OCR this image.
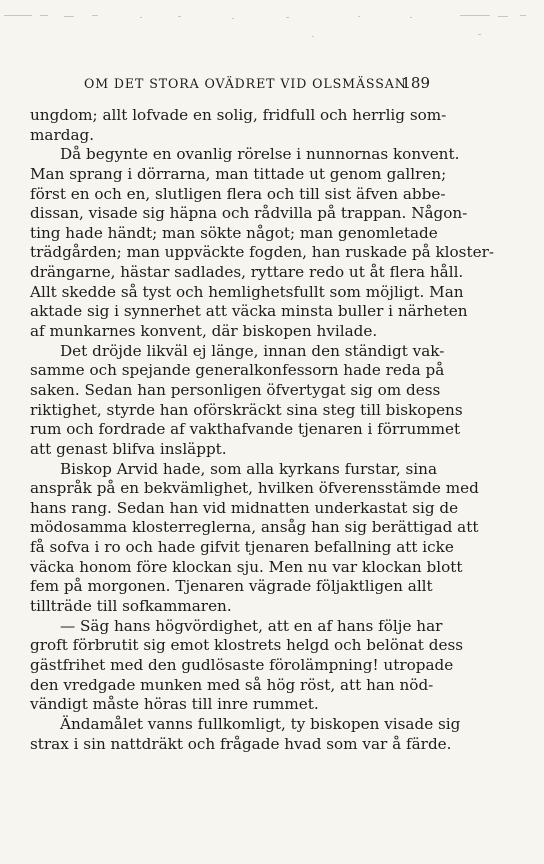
OM DET STORA OVÄDRET VID OLSMÄSSAN
189
ungdom; allt lofvade en solig, fridfull och herrlig som-
mardag.
Då begynte en ovanlig rörelse i nunnornas konvent.
Man sprang i dörrarna, man tittade ut genom gallren;
först en och en, slutligen flera och till sist äfven abbe-
dissan, visade sig häpna och rådvilla på trappan. Någon-
ting hade händt; man sökte något; man genomletade
trädgården; man uppväckte fogden, han ruskade på kloster-
drängarne, hästar sadlades, ryttare redo ut åt flera håll.
Allt skedde så tyst och hemlighetsfullt som möjligt. Man
aktade sig i synnerhet att väcka minsta buller i närheten
af munkarnes konvent, där biskopen hvilade.
Det dröjde likväl ej länge, innan den ständigt vak-
samme och spejande generalkonfessorn hade reda på
saken. Sedan han personligen öfvertygat sig om dess
riktighet, styrde han oförskräckt sina steg till biskopens
rum och fordrade af vakthafvande tjenaren i förrummet
att genast blifva insläppt.
Biskop Arvid hade, som alla kyrkans furstar, sina
anspråk på en bekvämlighet, hvilken öfverensstämde med
hans rang. Sedan han vid midnatten underkastat sig de
mödosamma klosterreglerna, ansåg han sig berättigad att
få sofva i ro och hade gifvit tjenaren befallning att icke
väcka honom före klockan sju. Men nu var klockan blott
fem på morgonen. Tjenaren vägrade följaktligen allt
tillträde till sofkammaren.
— Säg hans högvördighet, att en af hans följe har
groft förbrutit sig emot klostrets helgd och belönat dess
gästfrihet med den gudlösaste förolämpning! utropade
den vredgade munken med så hög röst, att han nöd-
vändigt måste höras till inre rummet.
Ändamålet vanns fullkomligt, ty biskopen visade sig
strax i sin nattdräkt och frågade hvad som var å färde.
